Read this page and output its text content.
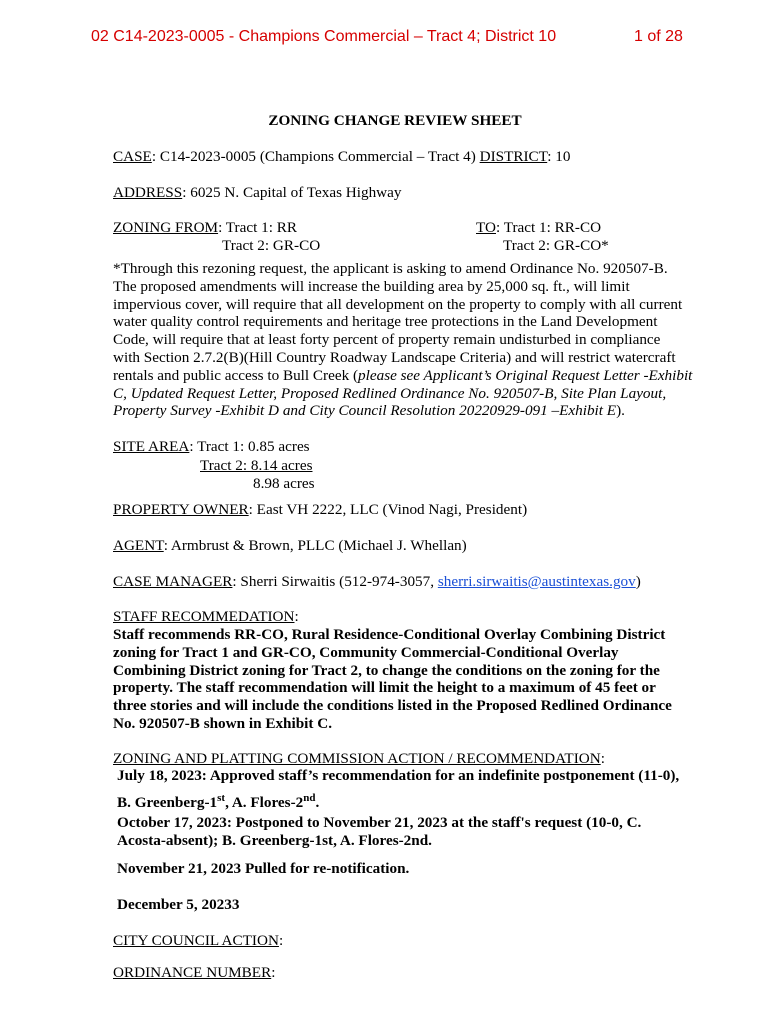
02 C14-2023-0005 - Champions Commercial – Tract 4; District 10	1 of 28
ZONING CHANGE REVIEW SHEET
CASE: C14-2023-0005 (Champions Commercial – Tract 4) DISTRICT: 10
ADDRESS: 6025 N. Capital of Texas Highway
ZONING FROM: Tract 1: RR
Tract 2: GR-CO
TO: Tract 1: RR-CO
Tract 2: GR-CO*
*Through this rezoning request, the applicant is asking to amend Ordinance No. 920507-B.
The proposed amendments will increase the building area by 25,000 sq. ft., will limit
impervious cover, will require that all development on the property to comply with all current
water quality control requirements and heritage tree protections in the Land Development
Code, will require that at least forty percent of property remain undisturbed in compliance
with Section 2.7.2(B)(Hill Country Roadway Landscape Criteria) and will restrict watercraft
rentals and public access to Bull Creek (please see Applicant’s Original Request Letter -Exhibit
C, Updated Request Letter, Proposed Redlined Ordinance No. 920507-B, Site Plan Layout,
Property Survey -Exhibit D and City Council Resolution 20220929-091 –Exhibit E).
SITE AREA: Tract 1: 0.85 acres
Tract 2: 8.14 acres
8.98 acres
PROPERTY OWNER: East VH 2222, LLC (Vinod Nagi, President)
AGENT: Armbrust & Brown, PLLC (Michael J. Whellan)
CASE MANAGER: Sherri Sirwaitis (512-974-3057, sherri.sirwaitis@austintexas.gov)
STAFF RECOMMEDATION:
Staff recommends RR-CO, Rural Residence-Conditional Overlay Combining District
zoning for Tract 1 and GR-CO, Community Commercial-Conditional Overlay
Combining District zoning for Tract 2, to change the conditions on the zoning for the
property. The staff recommendation will limit the height to a maximum of 45 feet or
three stories and will include the conditions listed in the Proposed Redlined Ordinance
No. 920507-B shown in Exhibit C.
ZONING AND PLATTING COMMISSION ACTION / RECOMMENDATION:
July 18, 2023: Approved staff’s recommendation for an indefinite postponement (11-0),
B. Greenberg-1st, A. Flores-2nd.
October 17, 2023: Postponed to November 21, 2023 at the staff's request (10-0, C.
Acosta-absent); B. Greenberg-1st, A. Flores-2nd.
November 21, 2023 Pulled for re-notification.
December 5, 20233
CITY COUNCIL ACTION:
ORDINANCE NUMBER:
